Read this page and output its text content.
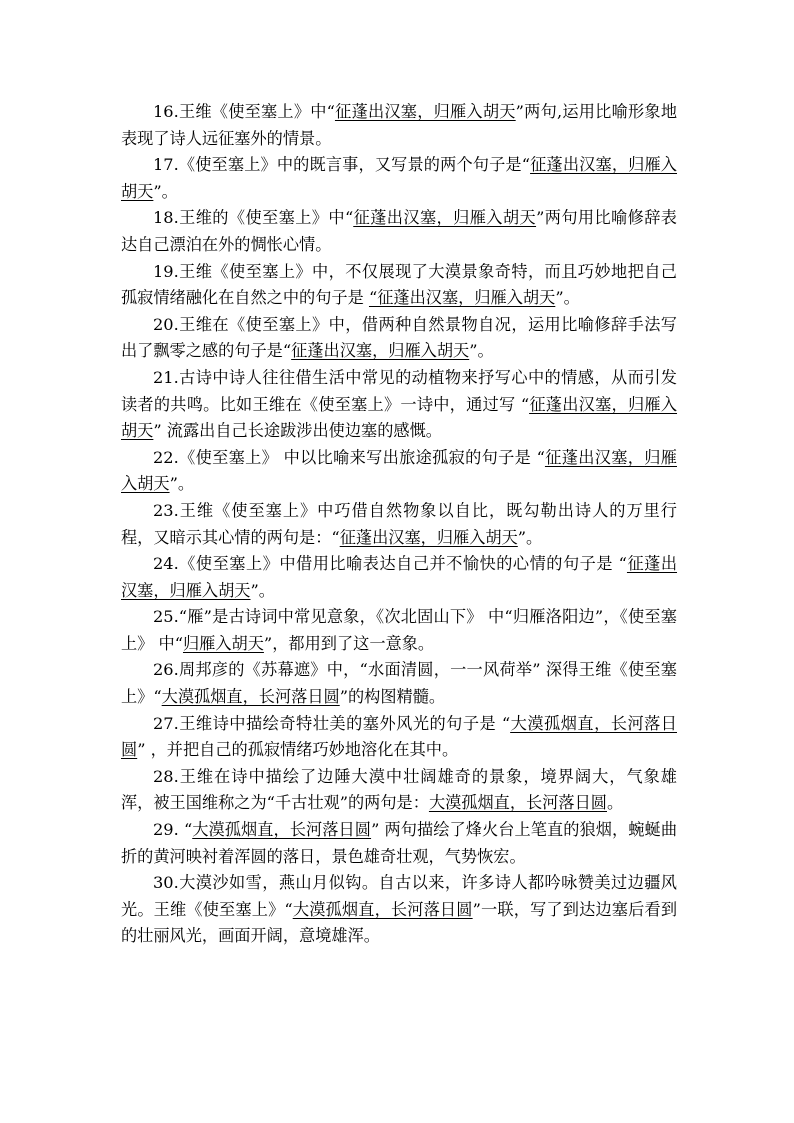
16.王维《使至塞上》中“征蓬出汉塞，归雁入胡天”两句,运用比喻形象地表现了诗人远征塞外的情景。

17.《使至塞上》中的既言事，又写景的两个句子是“征蓬出汉塞，归雁入胡天”。

18.王维的《使至塞上》中“征蓬出汉塞，归雁入胡天”两句用比喻修辞表达自己漂泊在外的惆怅心情。

19.王维《使至塞上》中，不仅展现了大漠景象奇特，而且巧妙地把自己孤寂情绪融化在自然之中的句子是 “征蓬出汉塞，归雁入胡天”。

20.王维在《使至塞上》中，借两种自然景物自况，运用比喻修辞手法写出了飘零之感的句子是“征蓬出汉塞，归雁入胡天”。

21.古诗中诗人往往借生活中常见的动植物来抒写心中的情感，从而引发读者的共鸣。比如王维在《使至塞上》一诗中，通过写 “征蓬出汉塞，归雁入胡天” 流露出自己长途跋涉出使边塞的感慨。

22.《使至塞上》 中以比喻来写出旅途孤寂的句子是 “征蓬出汉塞，归雁入胡天”。

23.王维《使至塞上》中巧借自然物象以自比，既勾勒出诗人的万里行程，又暗示其心情的两句是：“征蓬出汉塞，归雁入胡天”。

24.《使至塞上》中借用比喻表达自己并不愉快的心情的句子是 “征蓬出汉塞，归雁入胡天”。

25.“雁”是古诗词中常见意象，《次北固山下》 中“归雁洛阳边”，《使至塞上》 中“归雁入胡天”，都用到了这一意象。

26.周邦彦的《苏幕遮》中，“水面清圆，一一风荷举” 深得王维《使至塞上》“大漠孤烟直，长河落日圆”的构图精髓。

27.王维诗中描绘奇特壮美的塞外风光的句子是 “大漠孤烟直，长河落日圆” ，并把自己的孤寂情绪巧妙地溶化在其中。

28.王维在诗中描绘了边陲大漠中壮阔雄奇的景象，境界阔大，气象雄浑，被王国维称之为“千古壮观”的两句是：大漠孤烟直，长河落日圆。

29. “大漠孤烟直，长河落日圆” 两句描绘了烽火台上笔直的狼烟，蜿蜒曲折的黄河映衬着浑圆的落日，景色雄奇壮观，气势恢宏。

30.大漠沙如雪，燕山月似钩。自古以来，许多诗人都吟咏赞美过边疆风光。王维《使至塞上》“大漠孤烟直，长河落日圆”一联，写了到达边塞后看到的壮丽风光，画面开阔，意境雄浑。
